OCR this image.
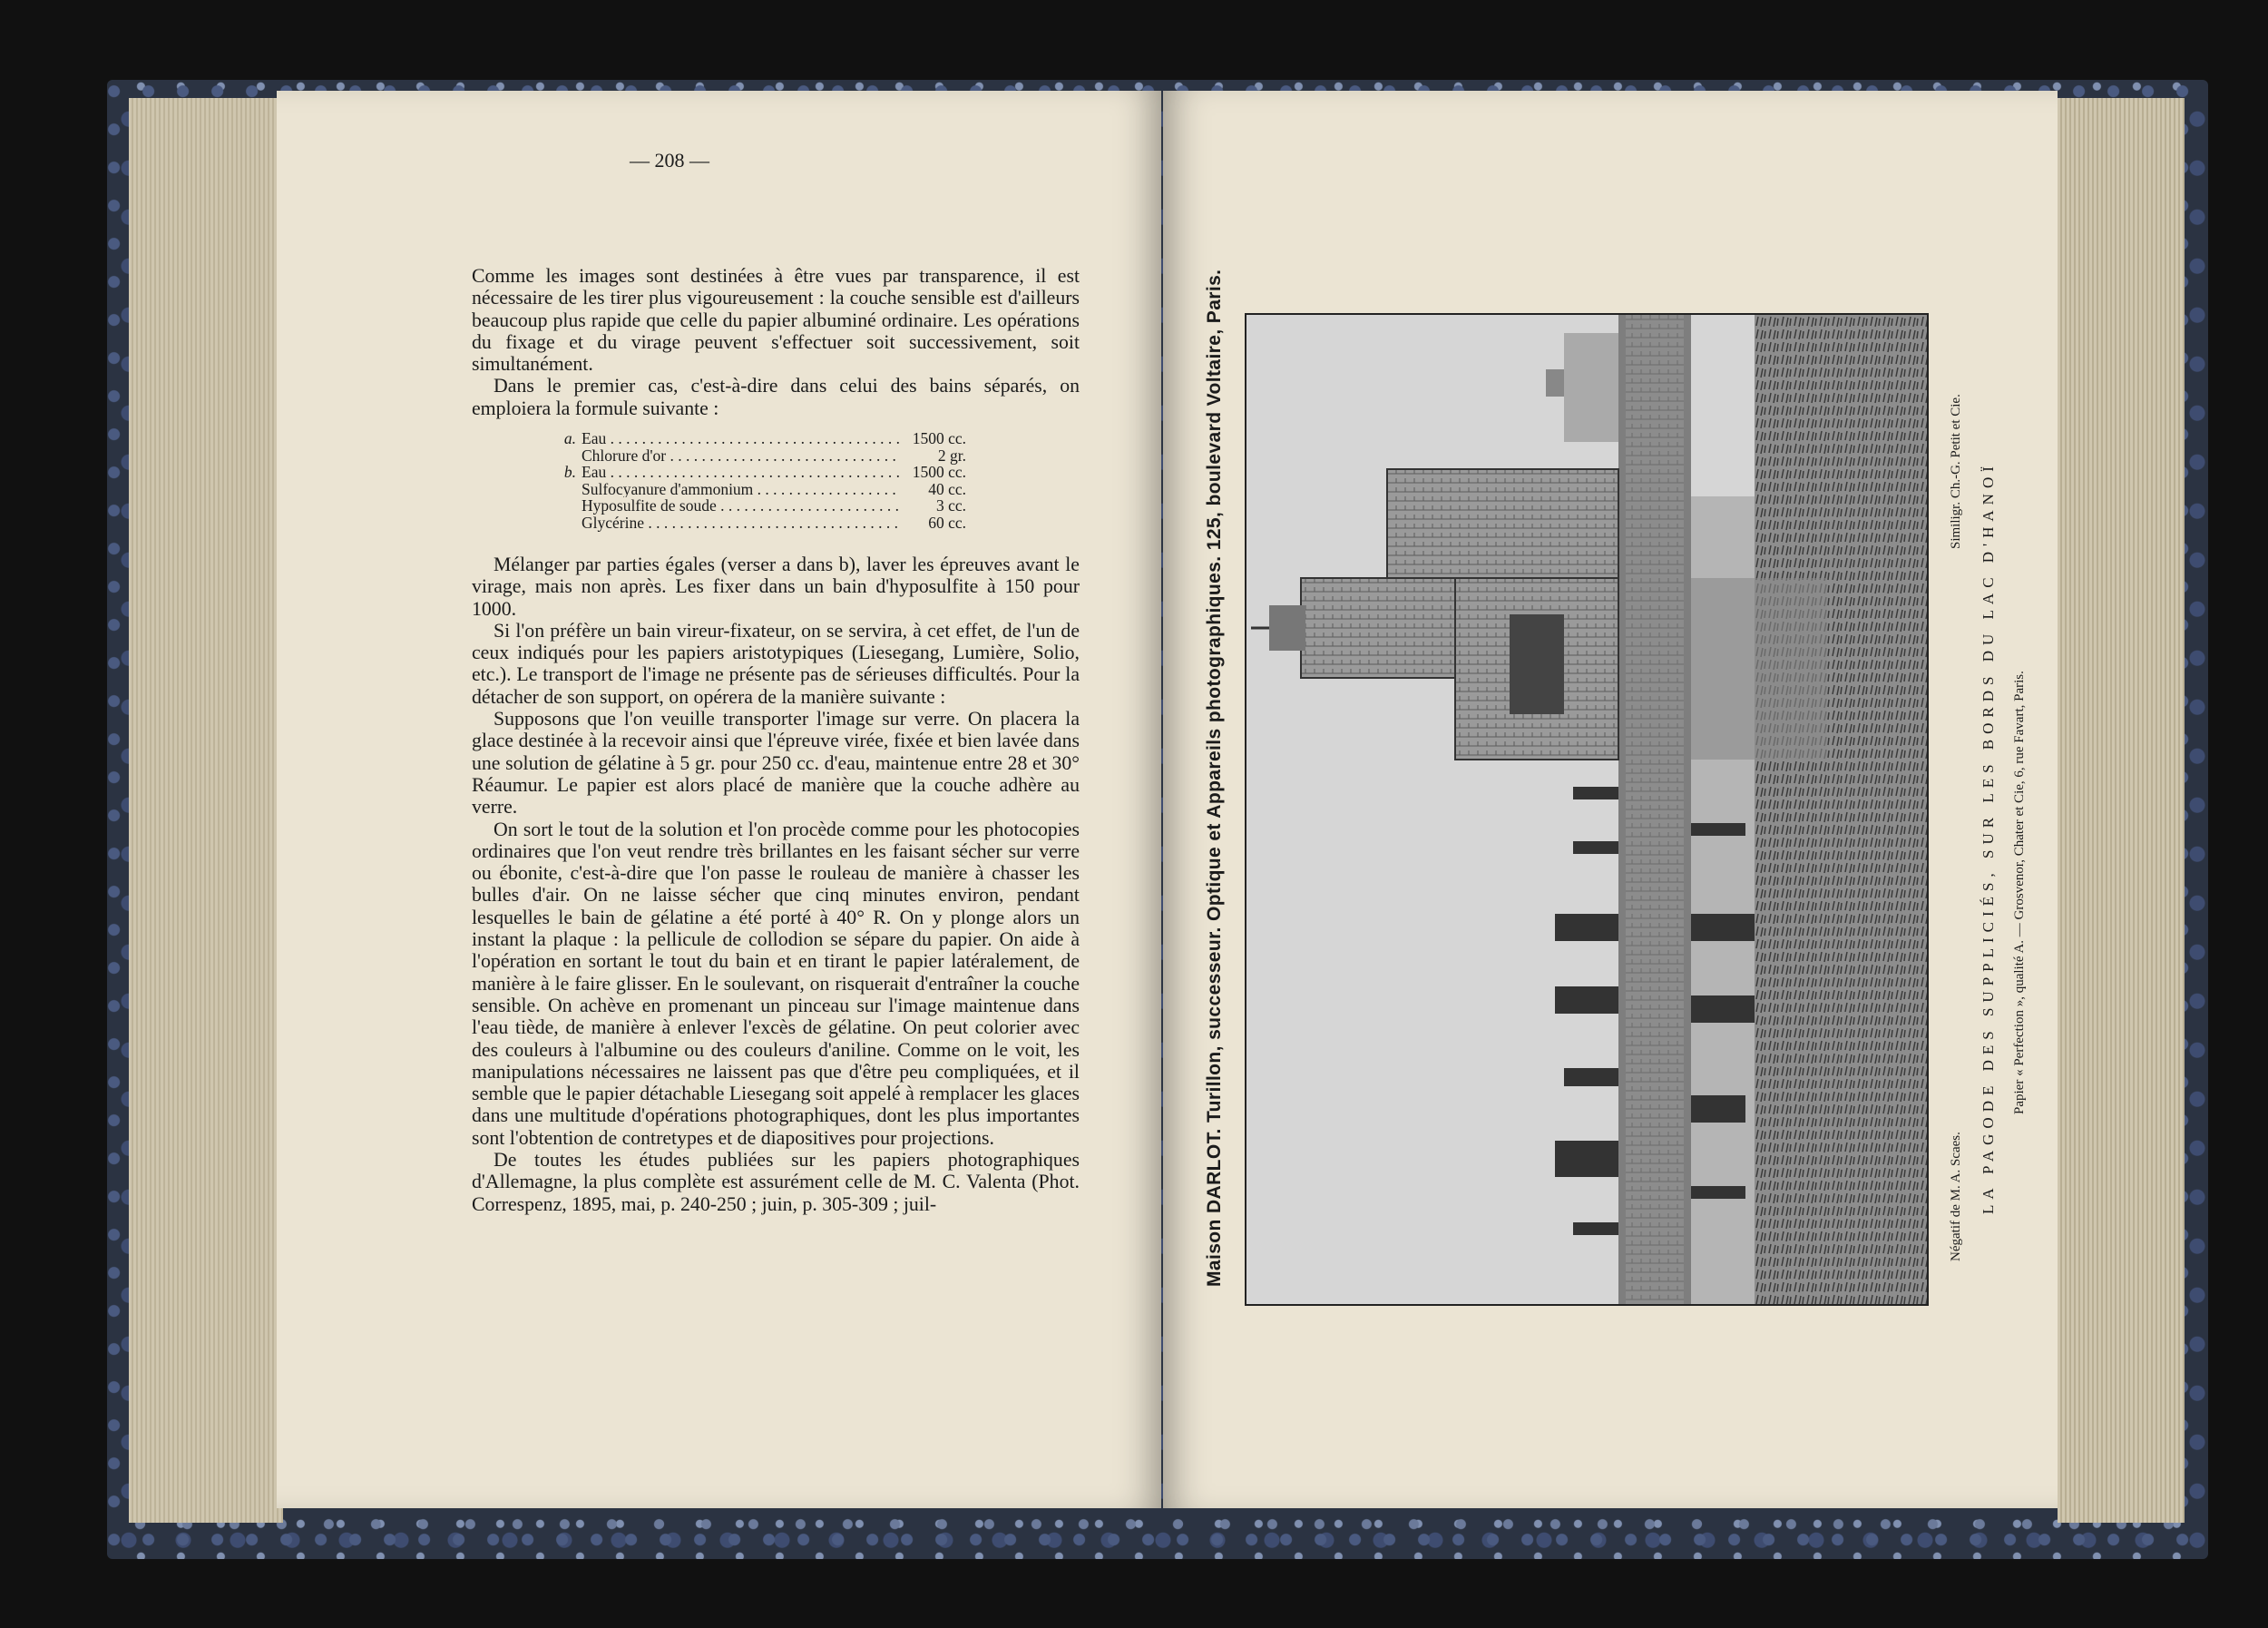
— 208 —

Comme les images sont destinées à être vues par transparence, il est nécessaire de les tirer plus vigoureusement : la couche sensible est d'ailleurs beaucoup plus rapide que celle du papier albuminé ordinaire. Les opérations du fixage et du virage peuvent s'effectuer soit successivement, soit simultanément.

Dans le premier cas, c'est-à-dire dans celui des bains séparés, on emploiera la formule suivante :

a. Eau . . .	1500 cc.
Chlorure d'or . . .	2 gr.
b. Eau . . .	1500 cc.
Sulfocyanure d'ammonium . . .	40 cc.
Hyposulfite de soude . . .	3 cc.
Glycérine . . .	60 cc.

Mélanger par parties égales (verser a dans b), laver les épreuves avant le virage, mais non après. Les fixer dans un bain d'hyposulfite à 150 pour 1000.

Si l'on préfère un bain vireur-fixateur, on se servira, à cet effet, de l'un de ceux indiqués pour les papiers aristotypiques (Liesegang, Lumière, Solio, etc.). Le transport de l'image ne présente pas de sérieuses difficultés. Pour la détacher de son support, on opérera de la manière suivante :

Supposons que l'on veuille transporter l'image sur verre. On placera la glace destinée à la recevoir ainsi que l'épreuve virée, fixée et bien lavée dans une solution de gélatine à 5 gr. pour 250 cc. d'eau, maintenue entre 28 et 30° Réaumur. Le papier est alors placé de manière que la couche adhère au verre.

On sort le tout de la solution et l'on procède comme pour les photocopies ordinaires que l'on veut rendre très brillantes en les faisant sécher sur verre ou ébonite, c'est-à-dire que l'on passe le rouleau de manière à chasser les bulles d'air. On ne laisse sécher que cinq minutes environ, pendant lesquelles le bain de gélatine a été porté à 40° R. On y plonge alors un instant la plaque : la pellicule de collodion se sépare du papier. On aide à l'opération en sortant le tout du bain et en tirant le papier latéralement, de manière à le faire glisser. En le soulevant, on risquerait d'entraîner la couche sensible. On achève en promenant un pinceau sur l'image maintenue dans l'eau tiède, de manière à enlever l'excès de gélatine. On peut colorier avec des couleurs à l'albumine ou des couleurs d'aniline. Comme on le voit, les manipulations nécessaires ne laissent pas que d'être peu compliquées, et il semble que le papier détachable Liesegang soit appelé à remplacer les glaces dans une multitude d'opérations photographiques, dont les plus importantes sont l'obtention de contretypes et de diapositives pour projections.

De toutes les études publiées sur les papiers photographiques d'Allemagne, la plus complète est assurément celle de M. C. Valenta (Phot. Correspenz, 1895, mai, p. 240-250 ; juin, p. 305-309 ; juil-	Maison DARLOT. Turillon, successeur. Optique et Appareils photographiques. 125, boulevard Voltaire, Paris.	Négatif de M. A. Scaes.
Similigr. Ch.-G. Petit et Cie. LA PAGODE DES SUPPLICIÉS, SUR LES BORDS DU LAC D'HANOÏ Papier « Perfection », qualité A. — Grosvenor, Chater et Cie, 6, rue Favart, Paris.
